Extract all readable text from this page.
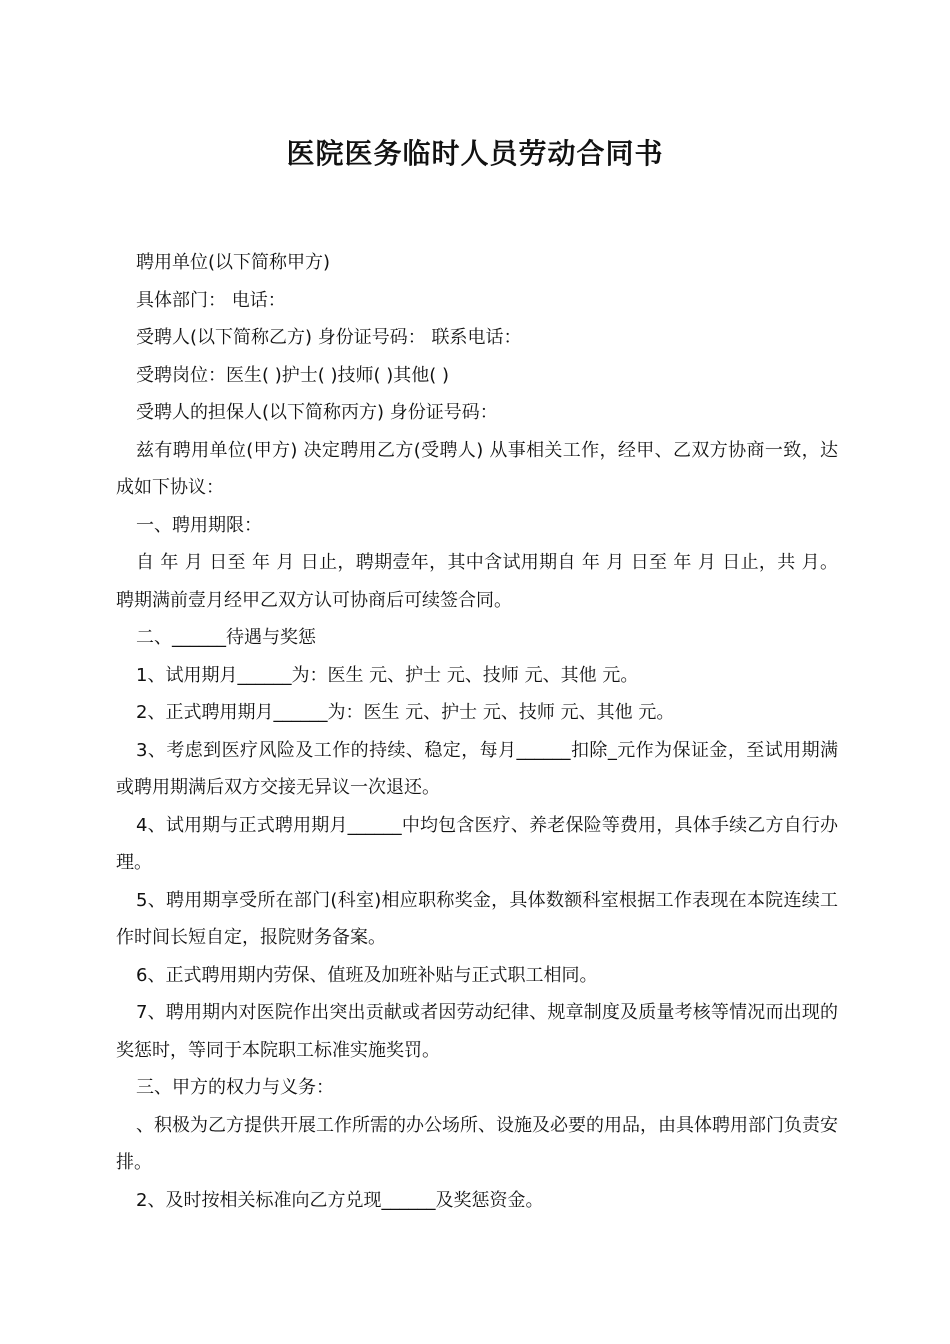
医院医务临时人员劳动合同书

聘用单位(以下简称甲方)

具体部门： 电话：

受聘人(以下简称乙方) 身份证号码： 联系电话：

受聘岗位：医生( )护士( )技师( )其他( )

受聘人的担保人(以下简称丙方) 身份证号码：

兹有聘用单位(甲方) 决定聘用乙方(受聘人) 从事相关工作，经甲、乙双方协商一致，达成如下协议：

一、聘用期限：

自 年 月 日至 年 月 日止，聘期壹年，其中含试用期自 年 月 日至 年 月 日止，共 月。聘期满前壹月经甲乙双方认可协商后可续签合同。

二、______待遇与奖惩

1、试用期月______为：医生 元、护士 元、技师 元、其他 元。

2、正式聘用期月______为：医生 元、护士 元、技师 元、其他 元。

3、考虑到医疗风险及工作的持续、稳定，每月______扣除_元作为保证金，至试用期满或聘用期满后双方交接无异议一次退还。

4、试用期与正式聘用期月______中均包含医疗、养老保险等费用，具体手续乙方自行办理。

5、聘用期享受所在部门(科室)相应职称奖金，具体数额科室根据工作表现在本院连续工作时间长短自定，报院财务备案。

6、正式聘用期内劳保、值班及加班补贴与正式职工相同。

7、聘用期内对医院作出突出贡献或者因劳动纪律、规章制度及质量考核等情况而出现的奖惩时，等同于本院职工标准实施奖罚。

三、甲方的权力与义务：

、积极为乙方提供开展工作所需的办公场所、设施及必要的用品，由具体聘用部门负责安排。

2、及时按相关标准向乙方兑现______及奖惩资金。
